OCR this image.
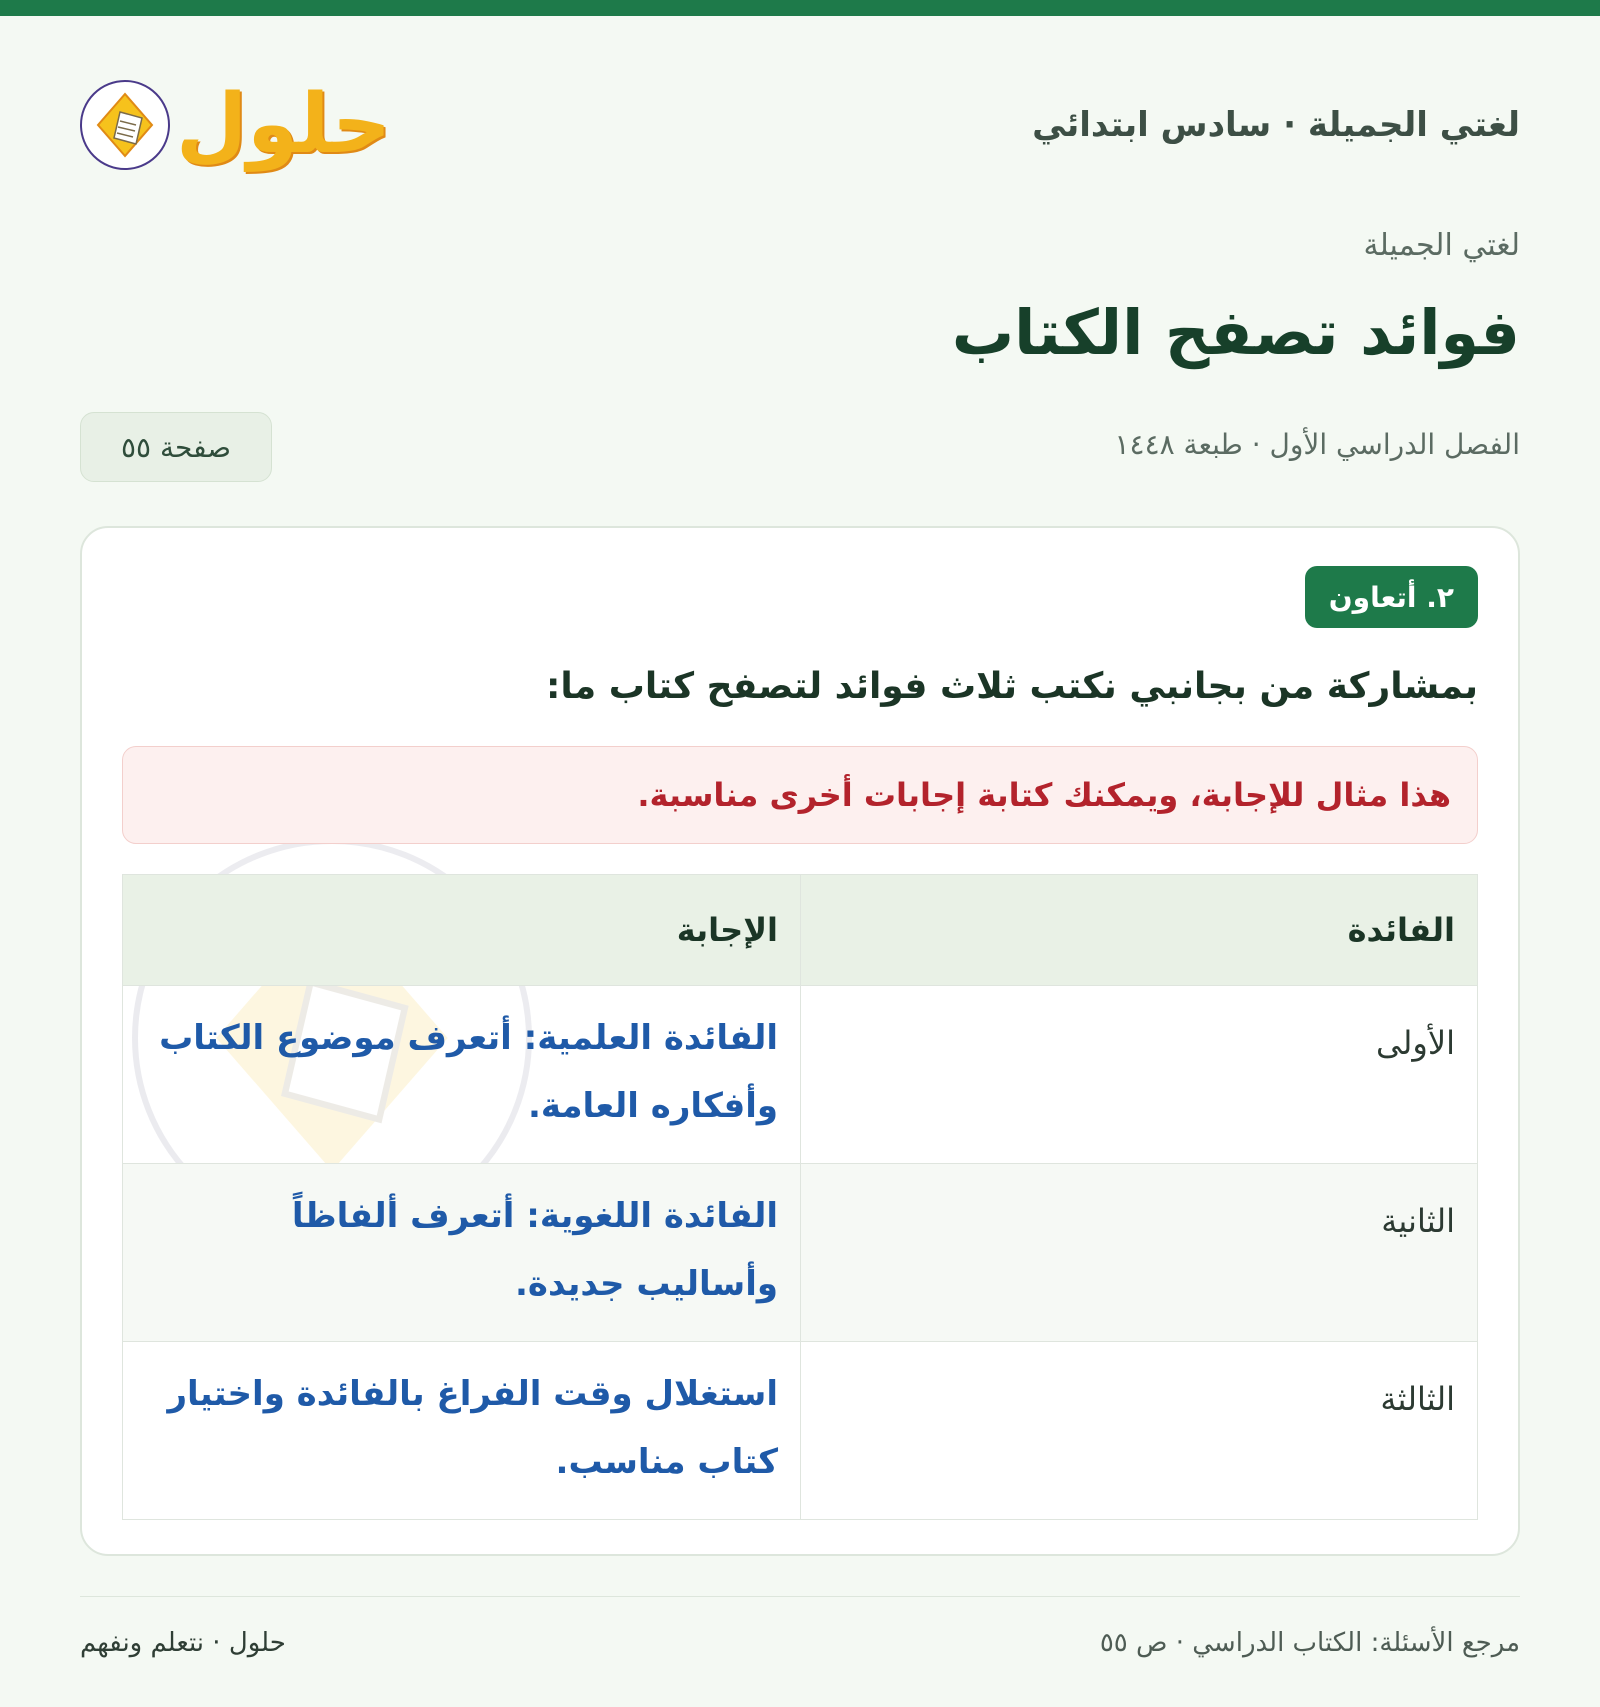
لغتي الجميلة · سادس ابتدائي
حلول
لغتي الجميلة
فوائد تصفح الكتاب
الفصل الدراسي الأول · طبعة ١٤٤٨
صفحة ٥٥
٢. أتعاون
بمشاركة من بجانبي نكتب ثلاث فوائد لتصفح كتاب ما:
هذا مثال للإجابة، ويمكنك كتابة إجابات أخرى مناسبة.
الفائدة
الإجابة
الأولى
الفائدة العلمية: أتعرف موضوع الكتاب وأفكاره العامة.
الثانية
الفائدة اللغوية: أتعرف ألفاظاً وأساليب جديدة.
الثالثة
استغلال وقت الفراغ بالفائدة واختيار كتاب مناسب.
مرجع الأسئلة: الكتاب الدراسي · ص ٥٥
حلول · نتعلم ونفهم
